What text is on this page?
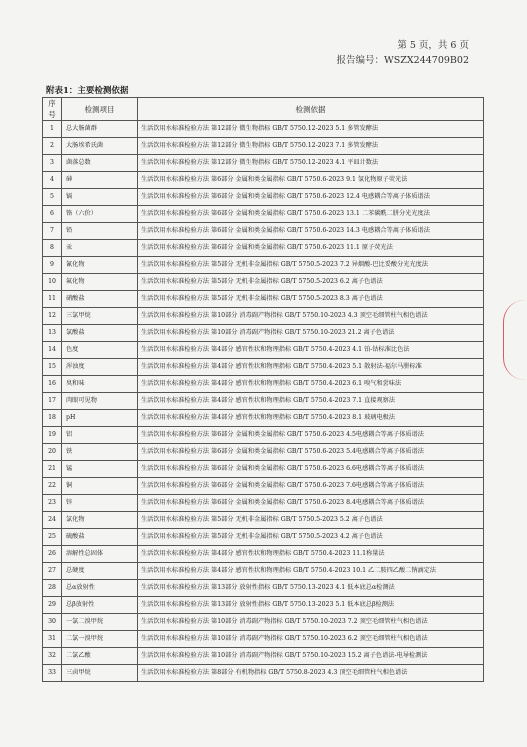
第 5 页，共 6 页
报告编号：WSZX244709B02
附表1：主要检测依据
序号	检测项目	检测依据
1	总大肠菌群	生活饮用水标准检验方法 第12部分 微生物指标 GB/T 5750.12-2023 5.1 多管发酵法
2	大肠埃希氏菌	生活饮用水标准检验方法 第12部分 微生物指标 GB/T 5750.12-2023 7.1 多管发酵法
3	菌落总数	生活饮用水标准检验方法 第12部分 微生物指标 GB/T 5750.12-2023 4.1 平皿计数法
4	砷	生活饮用水标准检验方法 第6部分 金属和类金属指标 GB/T 5750.6-2023 9.1 氢化物原子荧光法
5	镉	生活饮用水标准检验方法 第6部分 金属和类金属指标 GB/T 5750.6-2023 12.4 电感耦合等离子体质谱法
6	铬（六价）	生活饮用水标准检验方法 第6部分 金属和类金属指标 GB/T 5750.6-2023 13.1 二苯碳酰二肼分光光度法
7	铅	生活饮用水标准检验方法 第6部分 金属和类金属指标 GB/T 5750.6-2023 14.3 电感耦合等离子体质谱法
8	汞	生活饮用水标准检验方法 第6部分 金属和类金属指标 GB/T 5750.6-2023 11.1 原子荧光法
9	氰化物	生活饮用水标准检验方法 第5部分 无机非金属指标 GB/T 5750.5-2023 7.2 异烟酸-巴比妥酸分光光度法
10	氟化物	生活饮用水标准检验方法 第5部分 无机非金属指标 GB/T 5750.5-2023 6.2 离子色谱法
11	硝酸盐	生活饮用水标准检验方法 第5部分 无机非金属指标 GB/T 5750.5-2023 8.3 离子色谱法
12	三氯甲烷	生活饮用水标准检验方法 第10部分 消毒副产物指标 GB/T 5750.10-2023 4.3 顶空毛细管柱气相色谱法
13	氯酸盐	生活饮用水标准检验方法 第10部分 消毒副产物指标 GB/T 5750.10-2023 21.2 离子色谱法
14	色度	生活饮用水标准检验方法 第4部分 感官性状和物理指标 GB/T 5750.4-2023 4.1 铂-钴标准比色法
15	浑浊度	生活饮用水标准检验方法 第4部分 感官性状和物理指标 GB/T 5750.4-2023 5.1 散射法-福尔马肼标准
16	臭和味	生活饮用水标准检验方法 第4部分 感官性状和物理指标 GB/T 5750.4-2023 6.1 嗅气和尝味法
17	肉眼可见物	生活饮用水标准检验方法 第4部分 感官性状和物理指标 GB/T 5750.4-2023 7.1 直接观察法
18	pH	生活饮用水标准检验方法 第4部分 感官性状和物理指标 GB/T 5750.4-2023 8.1 玻璃电极法
19	铝	生活饮用水标准检验方法 第6部分 金属和类金属指标 GB/T 5750.6-2023 4.5电感耦合等离子体质谱法
20	铁	生活饮用水标准检验方法 第6部分 金属和类金属指标 GB/T 5750.6-2023 5.4电感耦合等离子体质谱法
21	锰	生活饮用水标准检验方法 第6部分 金属和类金属指标 GB/T 5750.6-2023 6.6电感耦合等离子体质谱法
22	铜	生活饮用水标准检验方法 第6部分 金属和类金属指标 GB/T 5750.6-2023 7.6电感耦合等离子体质谱法
23	锌	生活饮用水标准检验方法 第6部分 金属和类金属指标 GB/T 5750.6-2023 8.4电感耦合等离子体质谱法
24	氯化物	生活饮用水标准检验方法 第5部分 无机非金属指标 GB/T 5750.5-2023 5.2 离子色谱法
25	硫酸盐	生活饮用水标准检验方法 第5部分 无机非金属指标 GB/T 5750.5-2023 4.2 离子色谱法
26	溶解性总固体	生活饮用水标准检验方法 第4部分 感官性状和物理指标 GB/T 5750.4-2023 11.1称量法
27	总硬度	生活饮用水标准检验方法 第4部分 感官性状和物理指标 GB/T 5750.4-2023 10.1 乙二胺四乙酸二钠滴定法
28	总α放射性	生活饮用水标准检验方法 第13部分 放射性指标 GB/T 5750.13-2023 4.1 低本底总α检测法
29	总β放射性	生活饮用水标准检验方法 第13部分 放射性指标 GB/T 5750.13-2023 5.1 低本底总β检测法
30	一氯二溴甲烷	生活饮用水标准检验方法 第10部分 消毒副产物指标 GB/T 5750.10-2023 7.2 顶空毛细管柱气相色谱法
31	二氯一溴甲烷	生活饮用水标准检验方法 第10部分 消毒副产物指标 GB/T 5750.10-2023 6.2 顶空毛细管柱气相色谱法
32	二氯乙酸	生活饮用水标准检验方法 第10部分 消毒副产物指标 GB/T 5750.10-2023 15.2 离子色谱法-电导检测法
33	三卤甲烷	生活饮用水标准检验方法 第8部分 有机物指标 GB/T 5750.8-2023 4.3 顶空毛细管柱气相色谱法
